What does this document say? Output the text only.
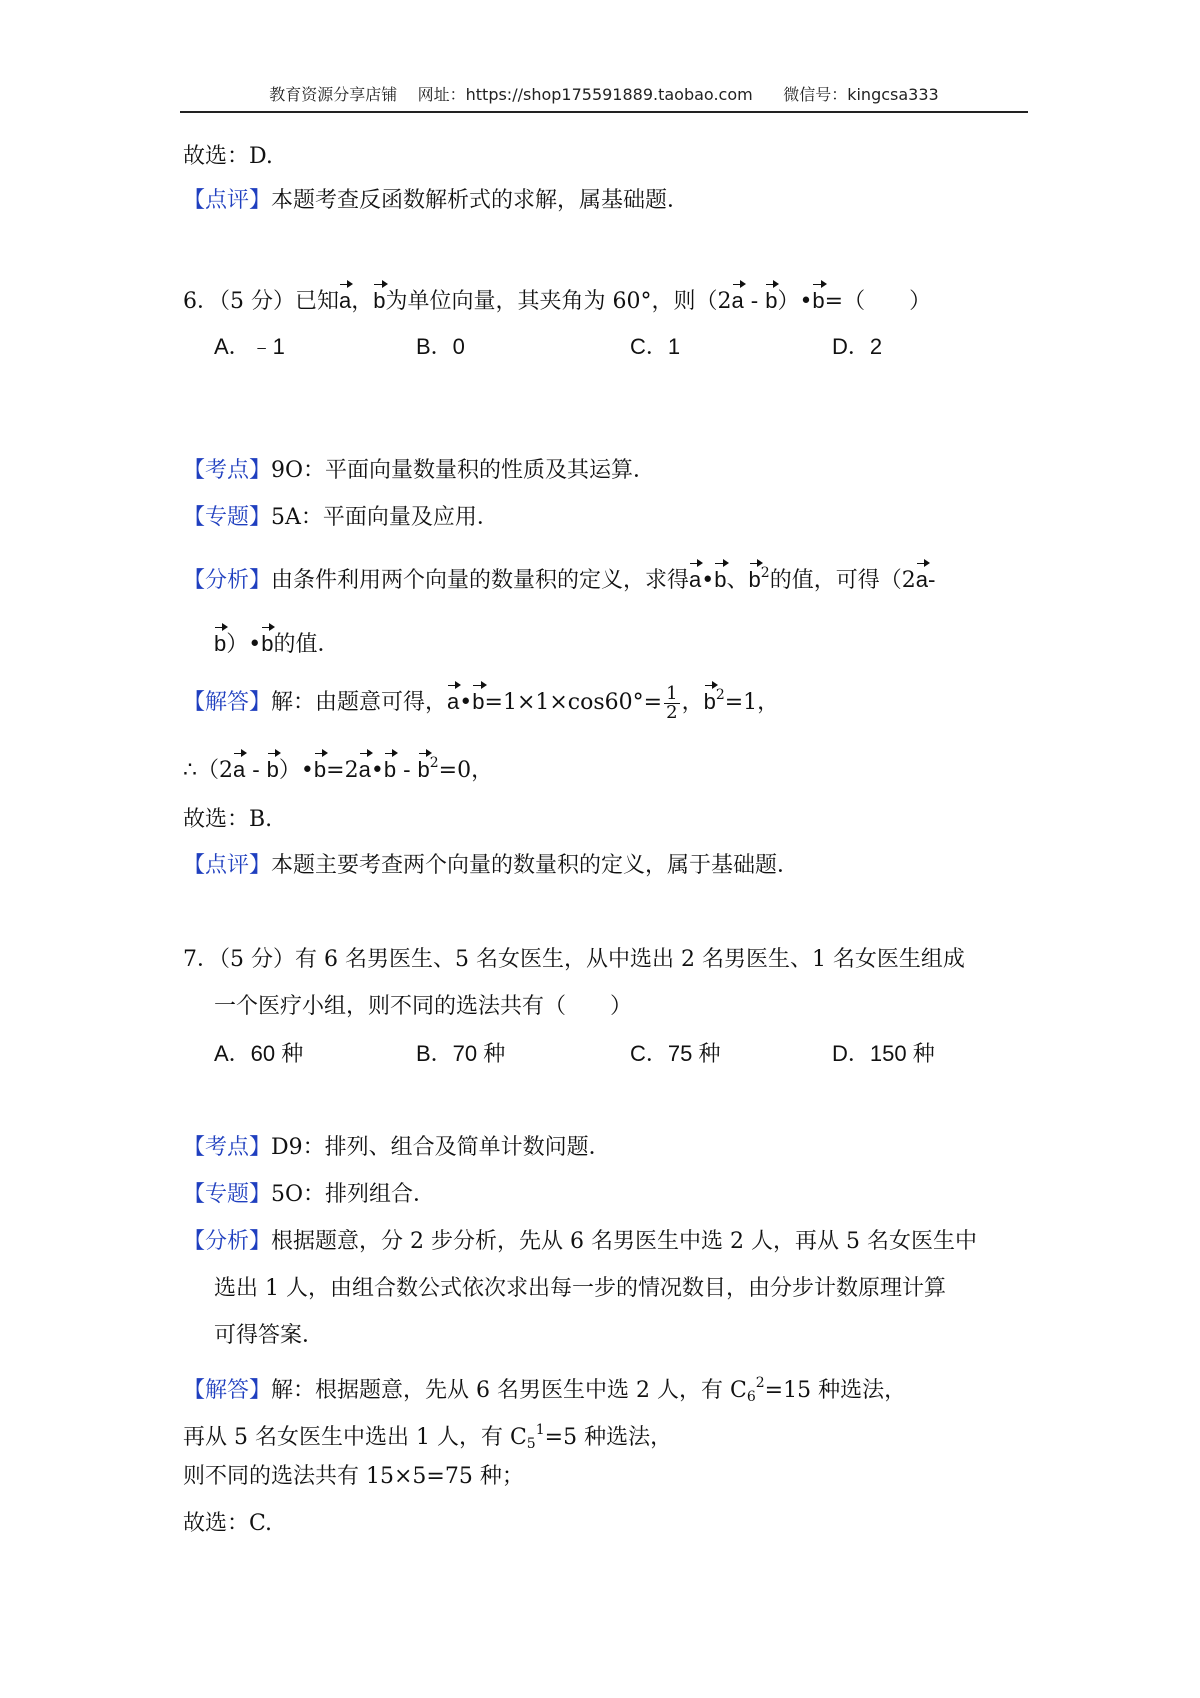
教育资源分享店铺    网址：https://shop175591889.taobao.com      微信号：kingcsa333
故选：D.
【点评】本题考查反函数解析式的求解，属基础题．
6．（5 分）已知a，b为单位向量，其夹角为 60°，则（2a - b）•b=（　　）
A．﹣1	B．0	C．1	D．2
【考点】9O：平面向量数量积的性质及其运算．
【专题】5A：平面向量及应用．
【分析】由条件利用两个向量的数量积的定义，求得a•b、$b^2$的值，可得（2a-
b）•b的值．
【解答】解：由题意可得，a•b=1×1×cos60°= $\frac{1}{2}$ ，$b^2=1$，
∴（2a - b）•b=2a•b - $b^2=0$，
故选：B.
【点评】本题主要考查两个向量的数量积的定义，属于基础题．
7．（5 分）有 6 名男医生、5 名女医生，从中选出 2 名男医生、1 名女医生组成
一个医疗小组，则不同的选法共有（　　）
A．60 种	B．70 种	C．75 种	D．150 种
【考点】D9：排列、组合及简单计数问题．
【专题】5O：排列组合．
【分析】根据题意，分 2 步分析，先从 6 名男医生中选 2 人，再从 5 名女医生中
选出 1 人，由组合数公式依次求出每一步的情况数目，由分步计数原理计算
可得答案．
【解答】解：根据题意，先从 6 名男医生中选 2 人，有 $C_6^2=15$ 种选法，
再从 5 名女医生中选出 1 人，有 $C_5^1=5$ 种选法，
则不同的选法共有 15×5=75 种；
故选：C.
